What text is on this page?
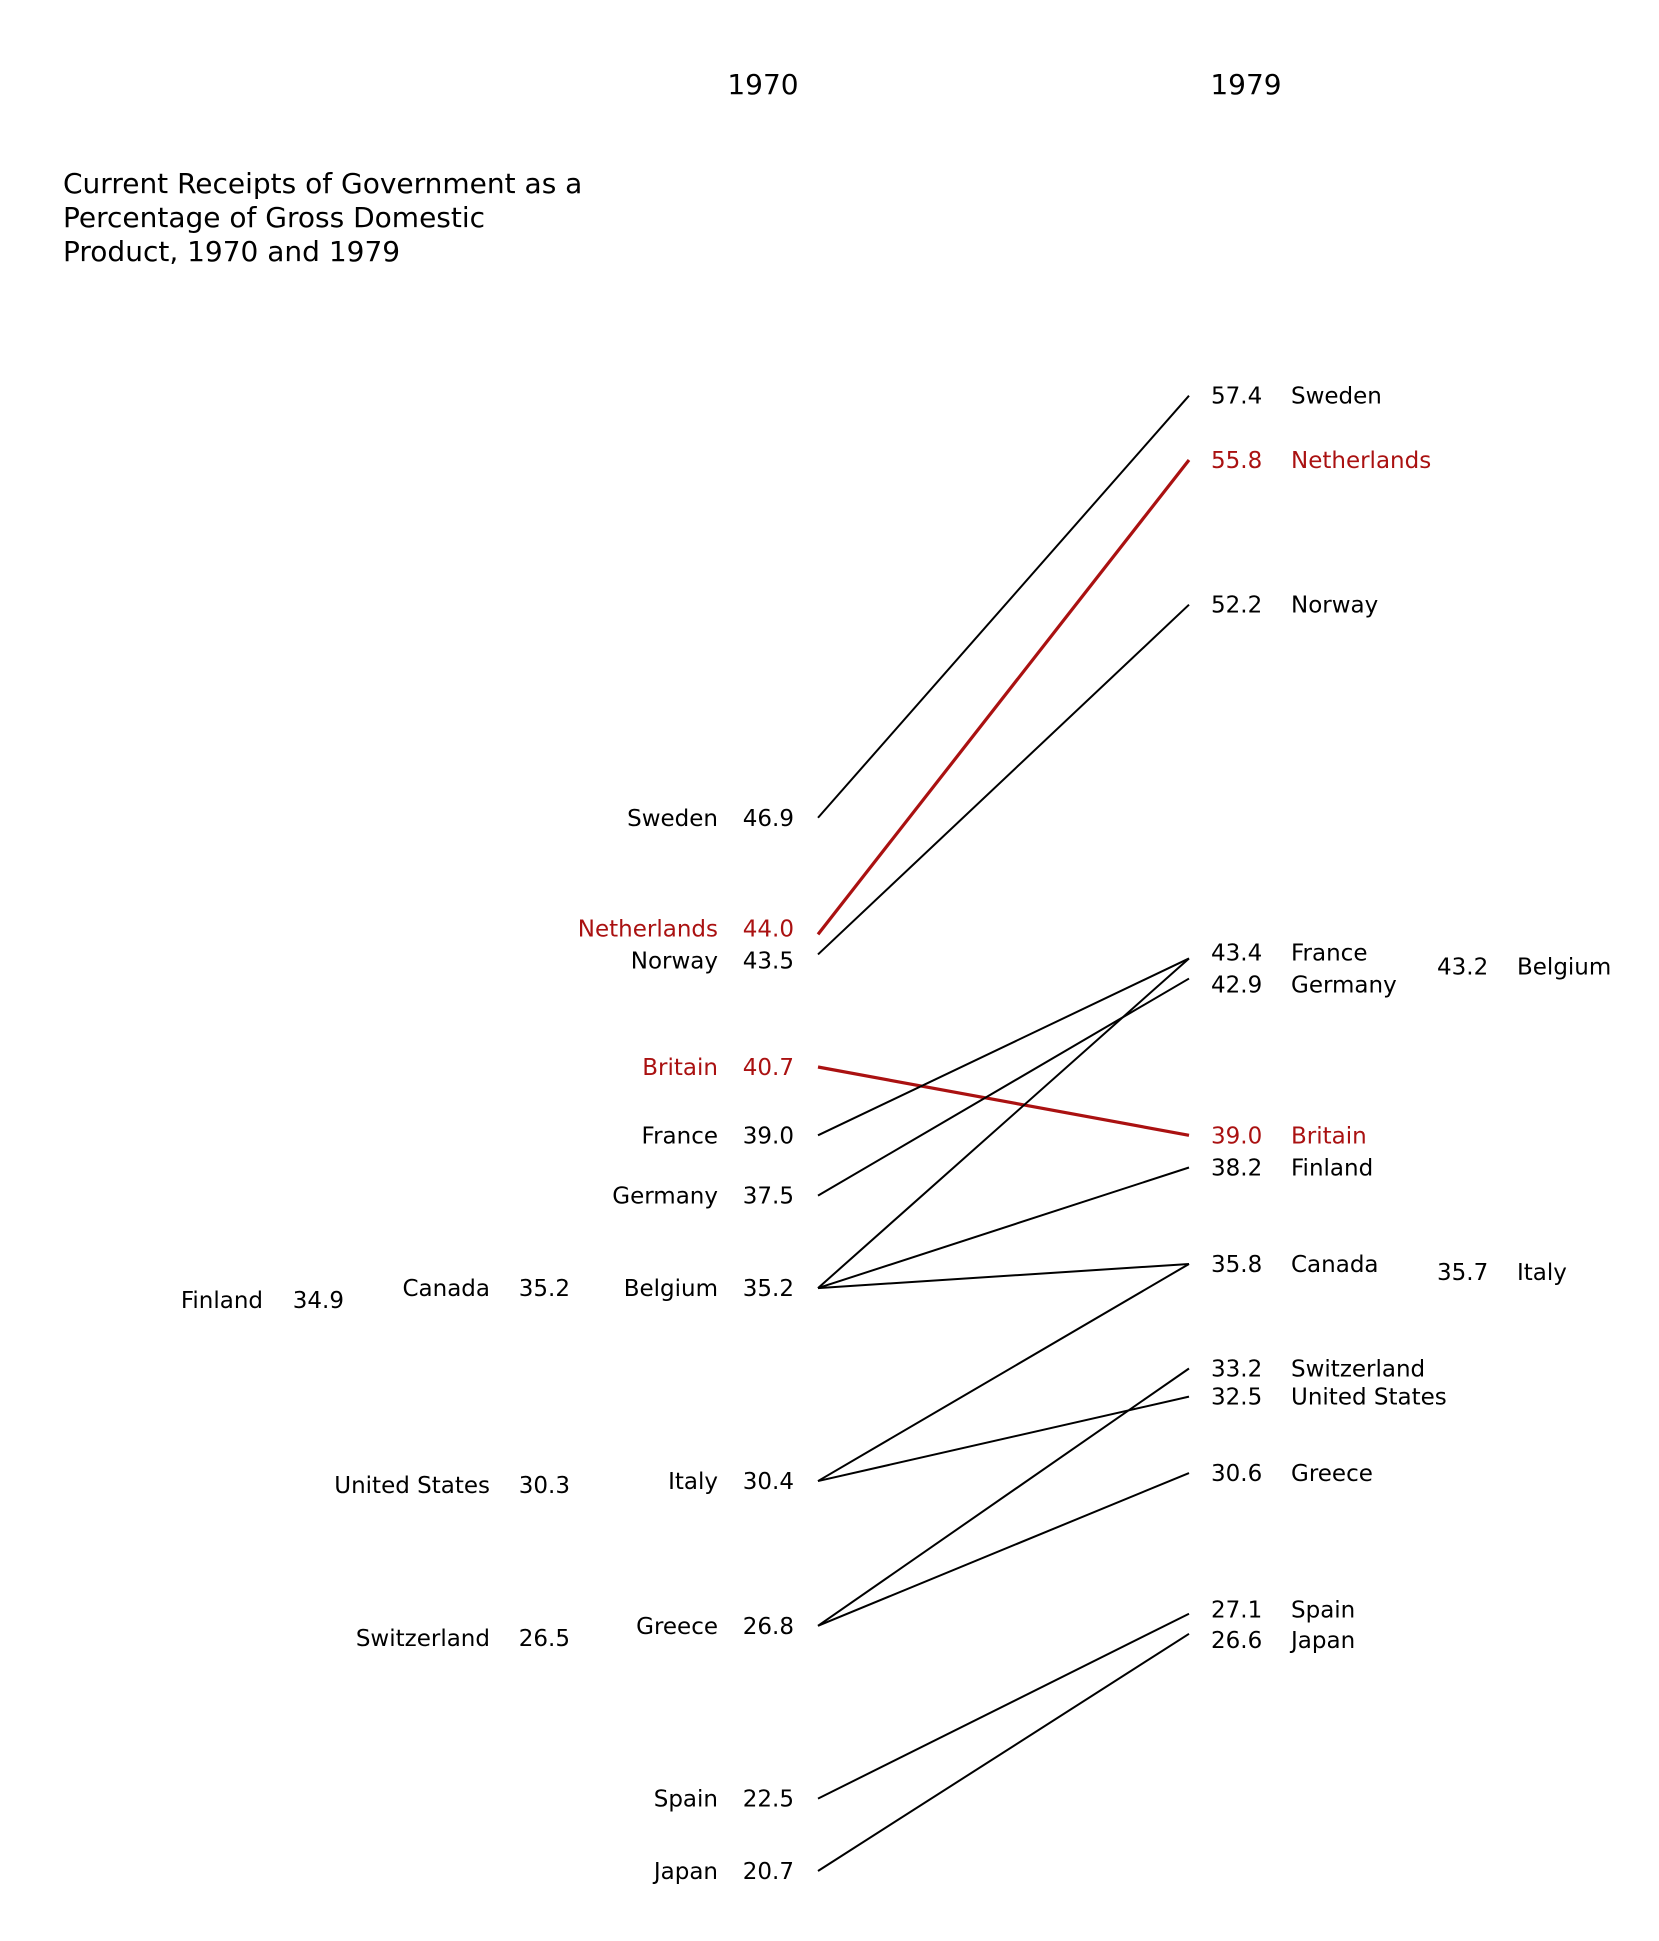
Current Receipts of Government as a
Percentage of Gross Domestic
Product, 1970 and 1979
1970	1979
Sweden 46.9
Netherlands 44.0
Norway 43.5
Britain 40.7
France 39.0
Germany 37.5
Belgium 35.2
Canada 35.2
Finland 34.9
Italy 30.4
United States 30.3
Greece 26.8
Switzerland 26.5
Spain 22.5
Japan 20.7
57.4 Sweden
55.8 Netherlands
52.2 Norway
39.0 Britain
43.4 France
42.9 Germany
43.2 Belgium
35.8 Canada
38.2 Finland
35.7 Italy
32.5 United States
30.6 Greece
33.2 Switzerland
27.1 Spain
26.6 Japan
